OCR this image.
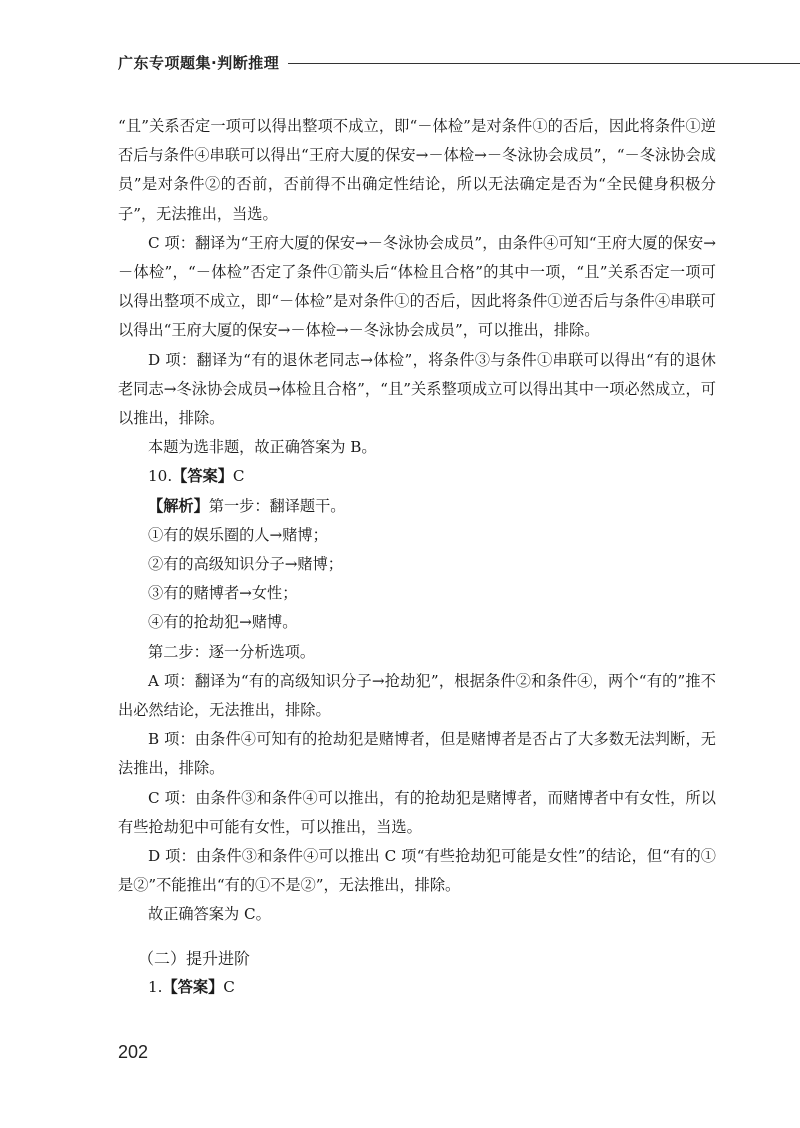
广东专项题集·判断推理

“且”关系否定一项可以得出整项不成立，即“－体检”是对条件①的否后，因此将条件①逆否后与条件④串联可以得出“王府大厦的保安→－体检→－冬泳协会成员”，“－冬泳协会成员”是对条件②的否前，否前得不出确定性结论，所以无法确定是否为“全民健身积极分子”，无法推出，当选。

C 项：翻译为“王府大厦的保安→－冬泳协会成员”，由条件④可知“王府大厦的保安→－体检”，“－体检”否定了条件①箭头后“体检且合格”的其中一项，“且”关系否定一项可以得出整项不成立，即“－体检”是对条件①的否后，因此将条件①逆否后与条件④串联可以得出“王府大厦的保安→－体检→－冬泳协会成员”，可以推出，排除。

D 项：翻译为“有的退休老同志→体检”，将条件③与条件①串联可以得出“有的退休老同志→冬泳协会成员→体检且合格”，“且”关系整项成立可以得出其中一项必然成立，可以推出，排除。

本题为选非题，故正确答案为 B。

10.【答案】C

【解析】第一步：翻译题干。

①有的娱乐圈的人→赌博；

②有的高级知识分子→赌博；

③有的赌博者→女性；

④有的抢劫犯→赌博。

第二步：逐一分析选项。

A 项：翻译为“有的高级知识分子→抢劫犯”，根据条件②和条件④，两个“有的”推不出必然结论，无法推出，排除。

B 项：由条件④可知有的抢劫犯是赌博者，但是赌博者是否占了大多数无法判断，无法推出，排除。

C 项：由条件③和条件④可以推出，有的抢劫犯是赌博者，而赌博者中有女性，所以有些抢劫犯中可能有女性，可以推出，当选。

D 项：由条件③和条件④可以推出 C 项“有些抢劫犯可能是女性”的结论，但“有的①是②”不能推出“有的①不是②”，无法推出，排除。

故正确答案为 C。

（二）提升进阶

1.【答案】C

202
